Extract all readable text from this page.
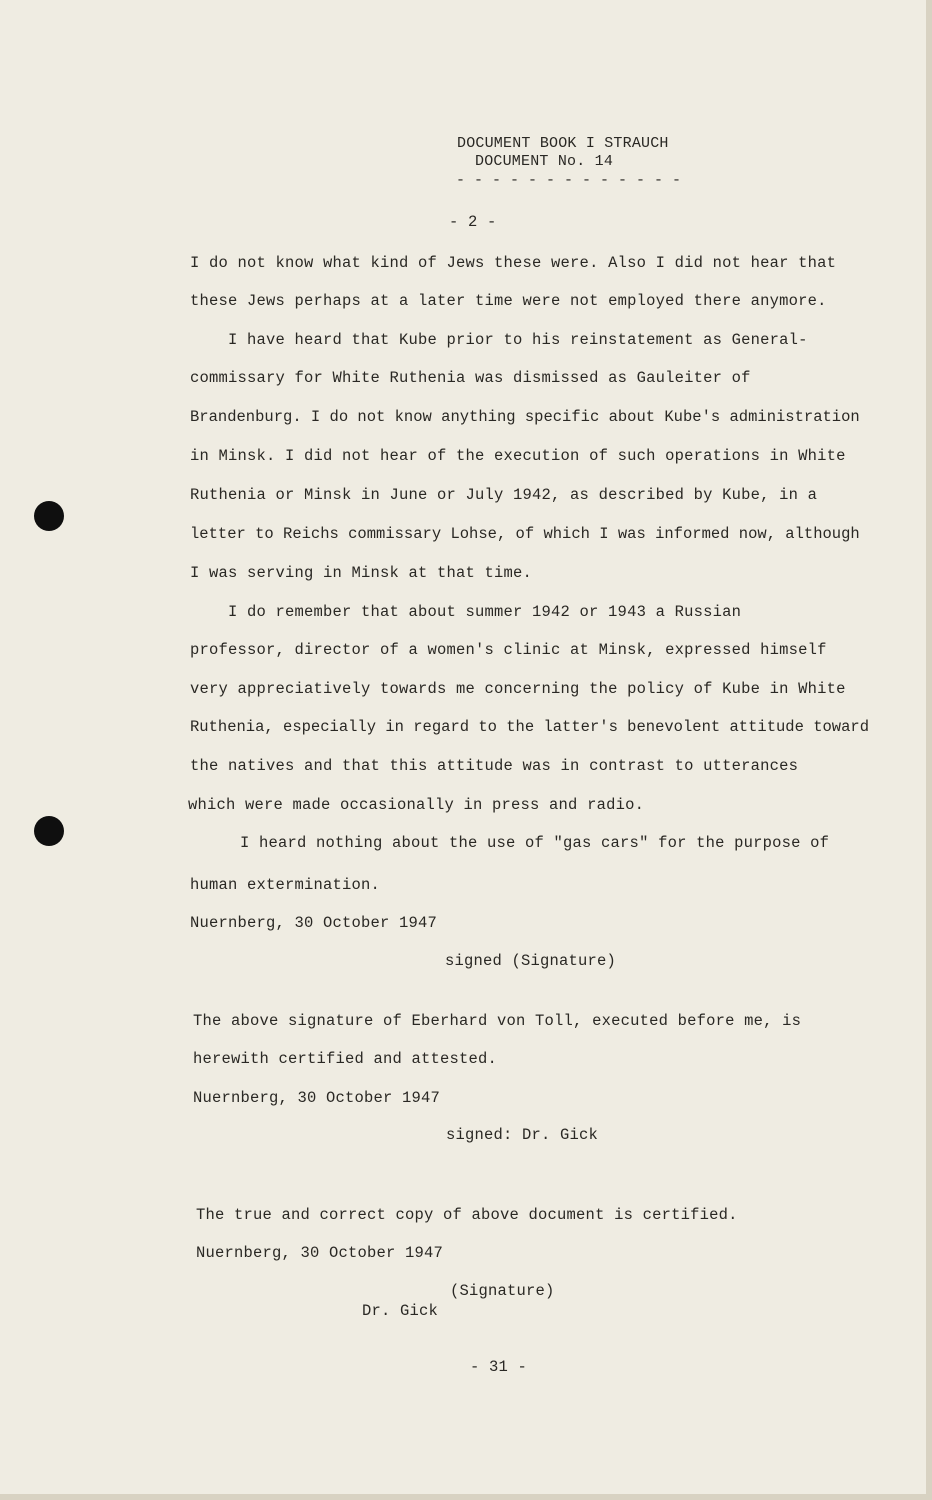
DOCUMENT BOOK I STRAUCH
DOCUMENT No. 14
- - - - - - - - - - - - -
- 2 -
I do not know what kind of Jews these were. Also I did not hear that
these Jews perhaps at a later time were not employed there anymore.
I have heard that Kube prior to his reinstatement as General-
commissary for White Ruthenia was dismissed as Gauleiter of
Brandenburg. I do not know anything specific about Kube's administration
in Minsk. I did not hear of the execution of such operations in White
Ruthenia or Minsk in June or July 1942, as described by Kube, in a
letter to Reichs commissary Lohse, of which I was informed now, although
I was serving in Minsk at that time.
I do remember that about summer 1942 or 1943 a Russian
professor, director of a women's clinic at Minsk, expressed himself
very appreciatively towards me concerning the policy of Kube in White
Ruthenia, especially in regard to the latter's benevolent attitude toward
the natives and that this attitude was in contrast to utterances
which were made occasionally in press and radio.
I heard nothing about the use of "gas cars" for the purpose of
human extermination.
Nuernberg, 30 October 1947
signed (Signature)
The above signature of Eberhard von Toll, executed before me, is
herewith certified and attested.
Nuernberg, 30 October 1947
signed: Dr. Gick
The true and correct copy of above document is certified.
Nuernberg, 30 October 1947
(Signature)
Dr. Gick
- 31 -
